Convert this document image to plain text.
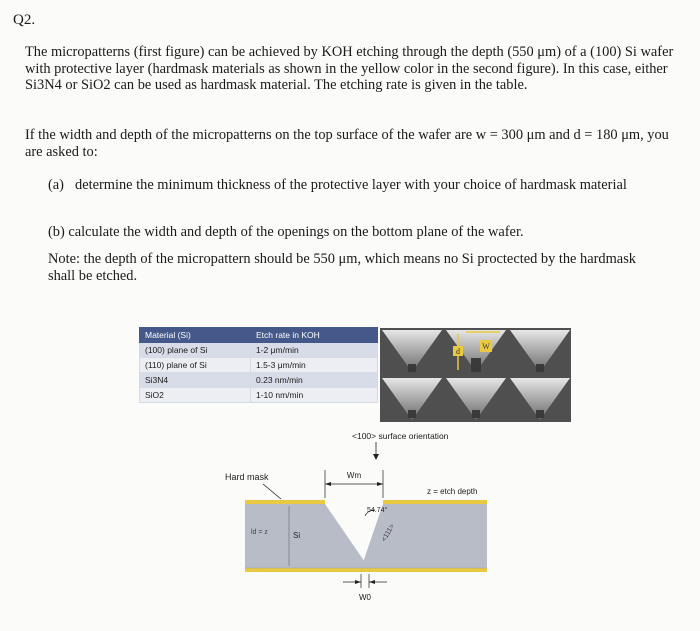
Q2.
The micropatterns (first figure) can be achieved by KOH etching through the depth (550 μm) of a (100) Si wafer with protective layer (hardmask materials as shown in the yellow color in the second figure). In this case, either Si3N4 or SiO2 can be used as hardmask material. The etching rate is given in the table.
If the width and depth of the micropatterns on the top surface of the wafer are w = 300 μm and d = 180 μm, you are asked to:
(a) determine the minimum thickness of the protective layer with your choice of hardmask material
(b) calculate the width and depth of the openings on the bottom plane of the wafer.
Note: the depth of the micropattern should be 550 μm, which means no Si proctected by the hardmask shall be etched.
Material (Si)	Etch rate in KOH
(100) plane of Si	1-2 μm/min
(110) plane of Si	1.5-3 μm/min
Si3N4	0.23 nm/min
SiO2	1-10 nm/min
d
W
<100> surface orientation
Hard mask	Wm
z = etch depth
54.74°
<111>
ld = z	Si
W0
